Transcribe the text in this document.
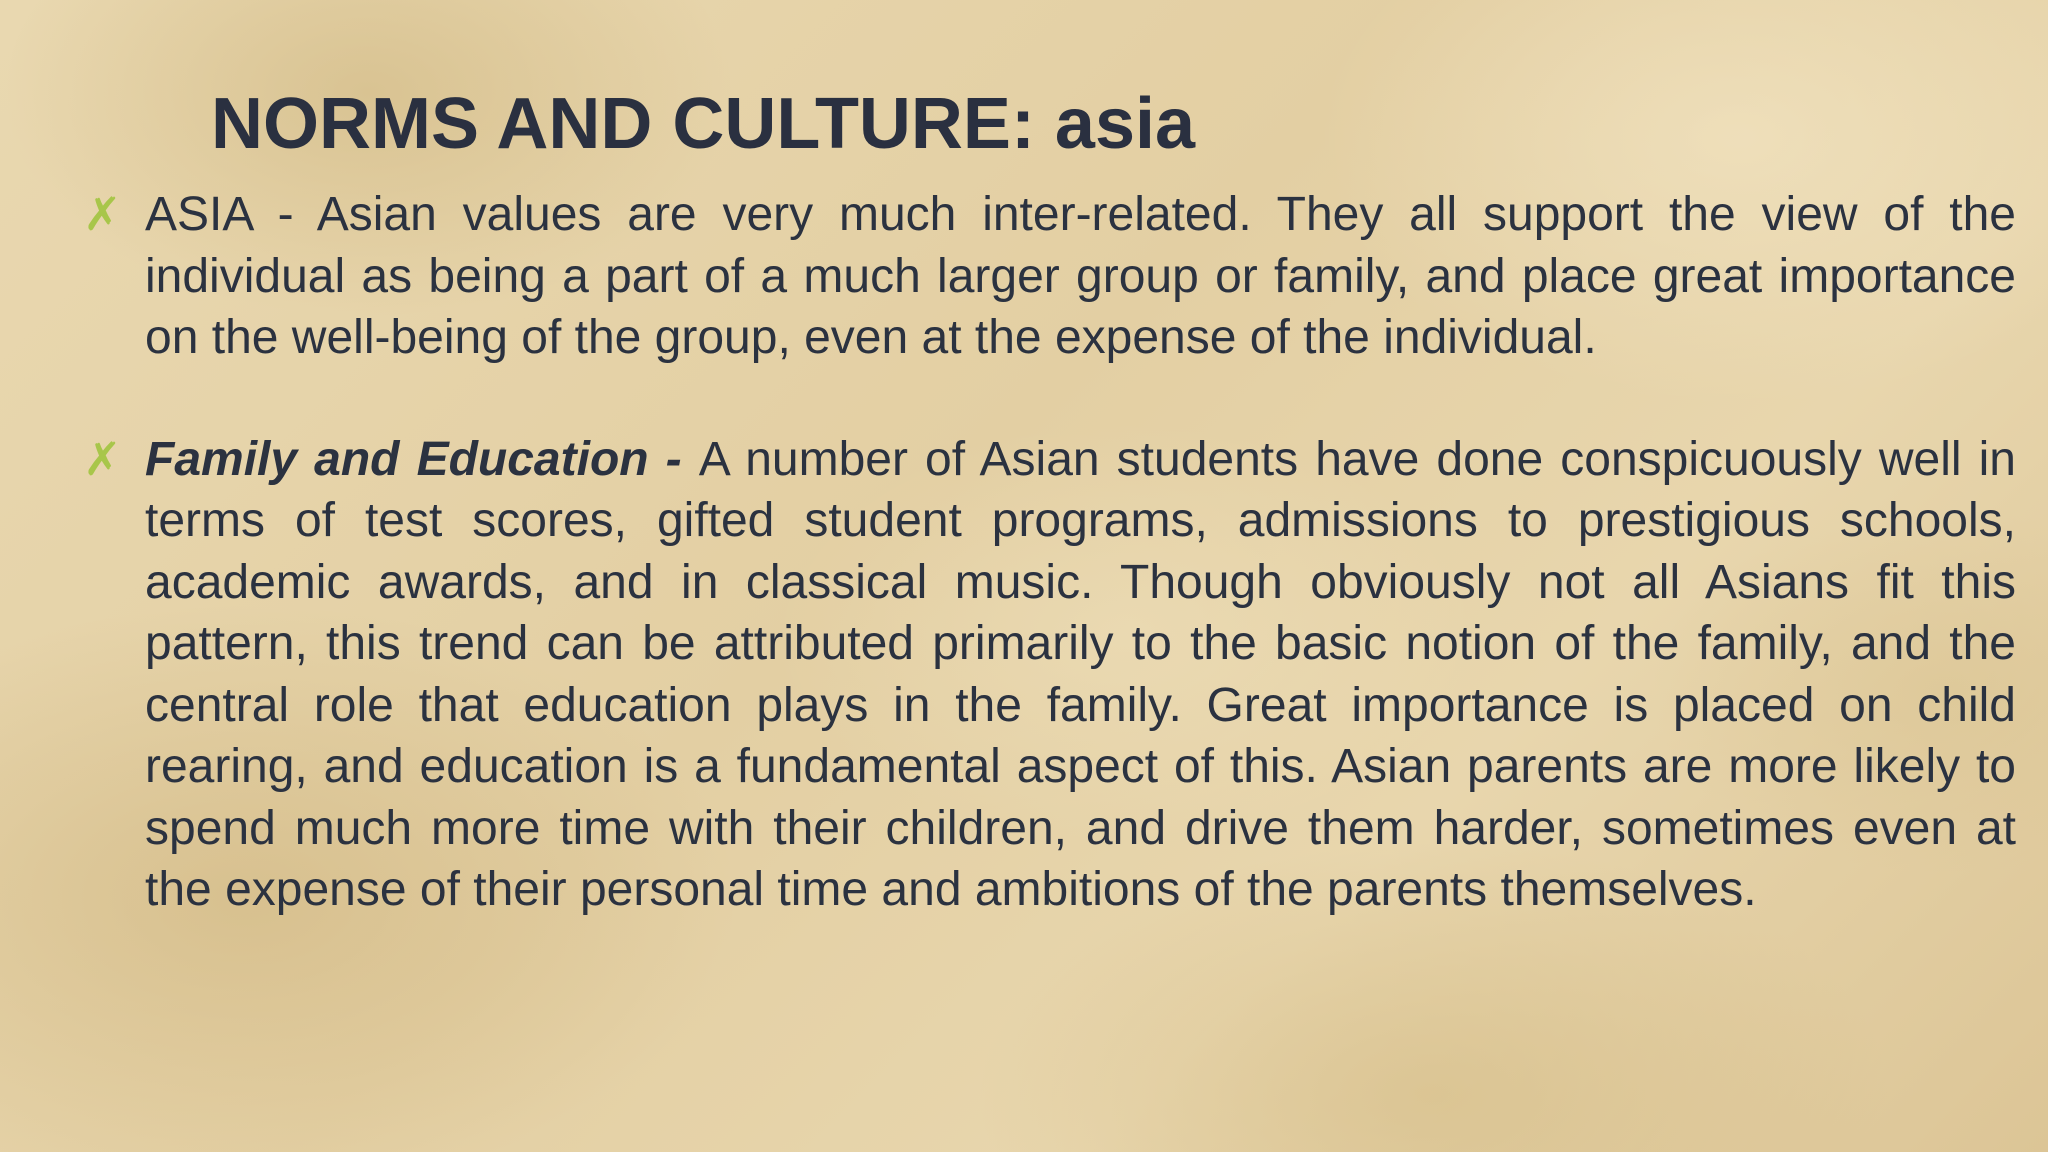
NORMS AND CULTURE: asia
✗ ASIA - Asian values are very much inter-related. They all support the view of the individual as being a part of a much larger group or family, and place great importance on the well-being of the group, even at the expense of the individual.
✗ Family and Education - A number of Asian students have done conspicuously well in terms of test scores, gifted student programs, admissions to prestigious schools, academic awards, and in classical music. Though obviously not all Asians fit this pattern, this trend can be attributed primarily to the basic notion of the family, and the central role that education plays in the family. Great importance is placed on child rearing, and education is a fundamental aspect of this. Asian parents are more likely to spend much more time with their children, and drive them harder, sometimes even at the expense of their personal time and ambitions of the parents themselves.
